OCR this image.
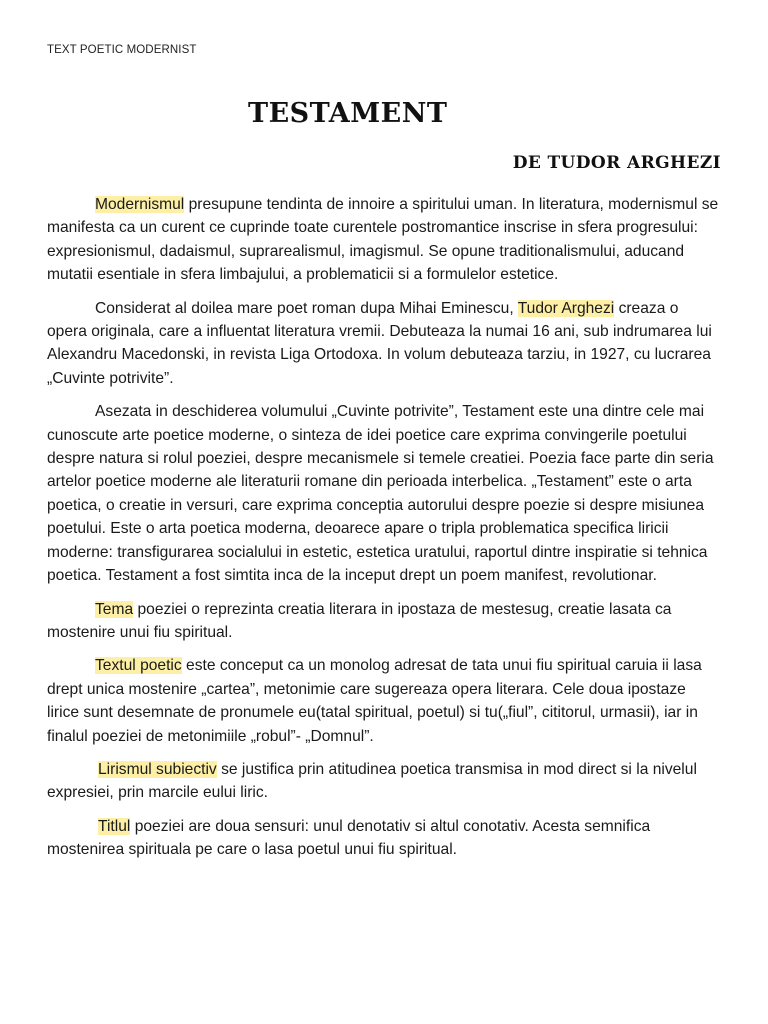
TEXT POETIC MODERNIST
TESTAMENT
DE TUDOR ARGHEZI

Modernismul presupune tendinta de innoire a spiritului uman. In literatura, modernismul se manifesta ca un curent ce cuprinde toate curentele postromantice inscrise in sfera progresului: expresionismul, dadaismul, suprarealismul, imagismul. Se opune traditionalismului, aducand mutatii esentiale in sfera limbajului, a problematicii si a formulelor estetice.

Considerat al doilea mare poet roman dupa Mihai Eminescu, Tudor Arghezi creaza o opera originala, care a influentat literatura vremii. Debuteaza la numai 16 ani, sub indrumarea lui Alexandru Macedonski, in revista Liga Ortodoxa. In volum debuteaza tarziu, in 1927, cu lucrarea „Cuvinte potrivite”.

Asezata in deschiderea volumului „Cuvinte potrivite”, Testament este una dintre cele mai cunoscute arte poetice moderne, o sinteza de idei poetice care exprima convingerile poetului despre natura si rolul poeziei, despre mecanismele si temele creatiei. Poezia face parte din seria artelor poetice moderne ale literaturii romane din perioada interbelica. „Testament” este o arta poetica, o creatie in versuri, care exprima conceptia autorului despre poezie si despre misiunea poetului. Este o arta poetica moderna, deoarece apare o tripla problematica specifica liricii moderne: transfigurarea socialului in estetic, estetica uratului, raportul dintre inspiratie si tehnica poetica. Testament a fost simtita inca de la inceput drept un poem manifest, revolutionar.

Tema poeziei o reprezinta creatia literara in ipostaza de mestesug, creatie lasata ca mostenire unui fiu spiritual.

Textul poetic este conceput ca un monolog adresat de tata unui fiu spiritual caruia ii lasa drept unica mostenire „cartea”, metonimie care sugereaza opera literara. Cele doua ipostaze lirice sunt desemnate de pronumele eu(tatal spiritual, poetul) si tu(„fiul”, cititorul, urmasii), iar in finalul poeziei de metonimiile „robul”- „Domnul”.

Lirismul subiectiv se justifica prin atitudinea poetica transmisa in mod direct si la nivelul expresiei, prin marcile eului liric.

Titlul poeziei are doua sensuri: unul denotativ si altul conotativ. Acesta semnifica mostenirea spirituala pe care o lasa poetul unui fiu spiritual.
